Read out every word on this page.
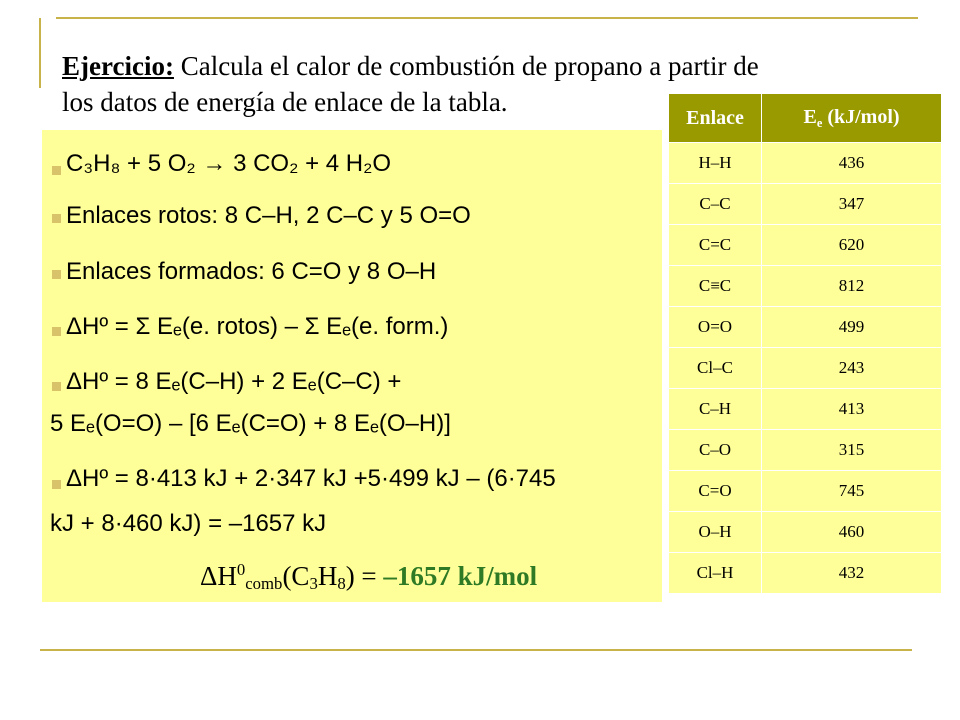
Ejercicio: Calcula el calor de combustión de propano a partir de
los datos de energía de enlace de la tabla.
C₃H₈ + 5 O₂ → 3 CO₂ + 4 H₂O
Enlaces rotos: 8 C–H, 2 C–C y 5 O=O
Enlaces formados: 6 C=O y 8 O–H
ΔHº = Σ Eₑ(e. rotos) – Σ Eₑ(e. form.)
ΔHº = 8 Eₑ(C–H) + 2 Eₑ(C–C) +
5 Eₑ(O=O) – [6 Eₑ(C=O) + 8 Eₑ(O–H)]
ΔHº = 8·413 kJ + 2·347 kJ +5·499 kJ – (6·745
kJ + 8·460 kJ) = –1657 kJ
$\Delta H^0_{comb}(C_3H_8) = -1657$ kJ/mol
Enlace	$E_e$ (kJ/mol)
H–H	436
C–C	347
C=C	620
C≡C	812
O=O	499
Cl–C	243
C–H	413
C–O	315
C=O	745
O–H	460
Cl–H	432
